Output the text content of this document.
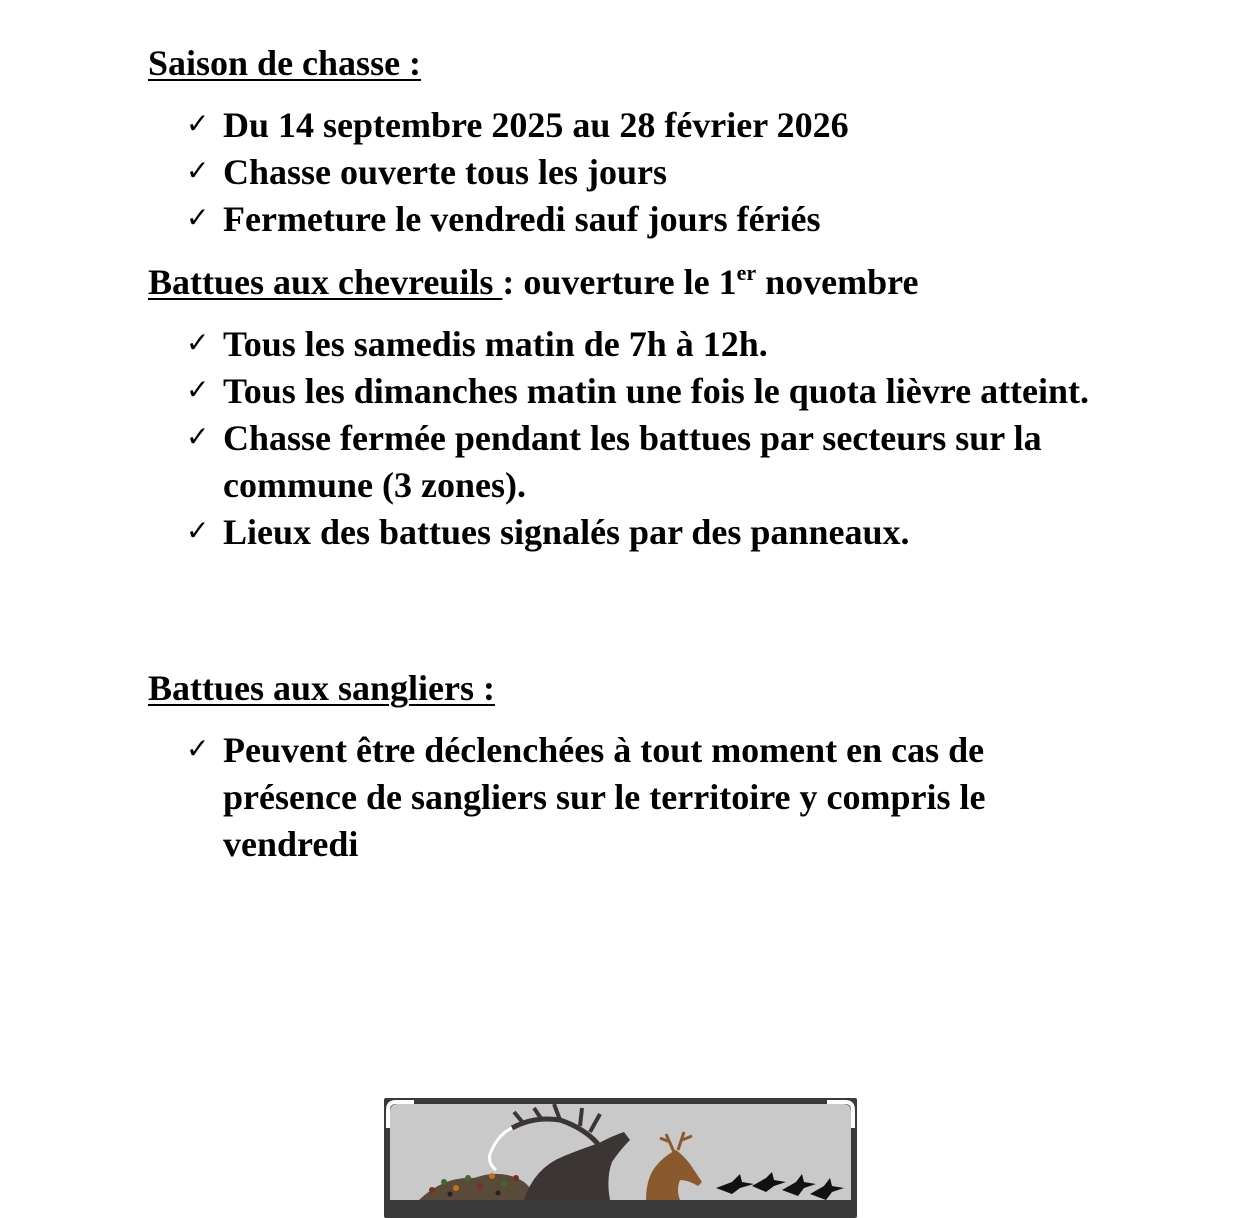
Saison de chasse :
✓ Du 14 septembre 2025 au 28 février 2026
✓ Chasse ouverte tous les jours
✓ Fermeture le vendredi sauf jours fériés
Battues aux chevreuils : ouverture le 1er novembre
✓ Tous les samedis matin de 7h à 12h.
✓ Tous les dimanches matin une fois le quota lièvre atteint.
✓ Chasse fermée pendant les battues par secteurs sur la commune (3 zones).
✓ Lieux des battues signalés par des panneaux.
Battues aux sangliers :
✓ Peuvent être déclenchées à tout moment en cas de présence de sangliers sur le territoire y compris le vendredi
